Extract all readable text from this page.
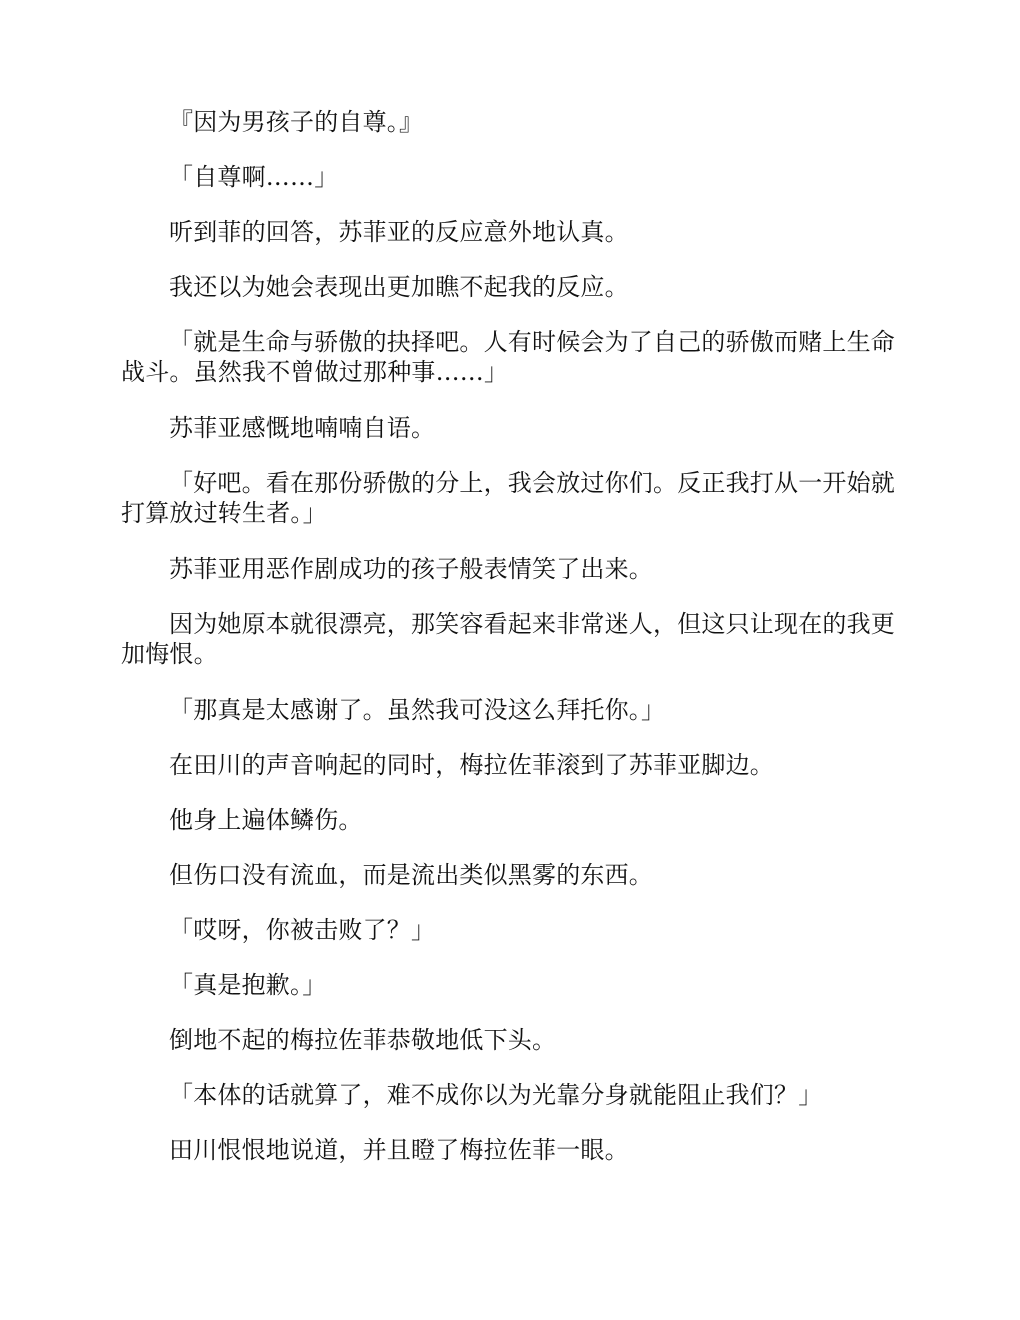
『因为男孩子的自尊。』

「自尊啊……」

听到菲的回答，苏菲亚的反应意外地认真。

我还以为她会表现出更加瞧不起我的反应。

「就是生命与骄傲的抉择吧。人有时候会为了自己的骄傲而赌上生命战斗。虽然我不曾做过那种事……」

苏菲亚感慨地喃喃自语。

「好吧。看在那份骄傲的分上，我会放过你们。反正我打从一开始就打算放过转生者。」

苏菲亚用恶作剧成功的孩子般表情笑了出来。

因为她原本就很漂亮，那笑容看起来非常迷人，但这只让现在的我更加悔恨。

「那真是太感谢了。虽然我可没这么拜托你。」

在田川的声音响起的同时，梅拉佐菲滚到了苏菲亚脚边。

他身上遍体鳞伤。

但伤口没有流血，而是流出类似黑雾的东西。

「哎呀，你被击败了？」

「真是抱歉。」

倒地不起的梅拉佐菲恭敬地低下头。

「本体的话就算了，难不成你以为光靠分身就能阻止我们？」

田川恨恨地说道，并且瞪了梅拉佐菲一眼。
